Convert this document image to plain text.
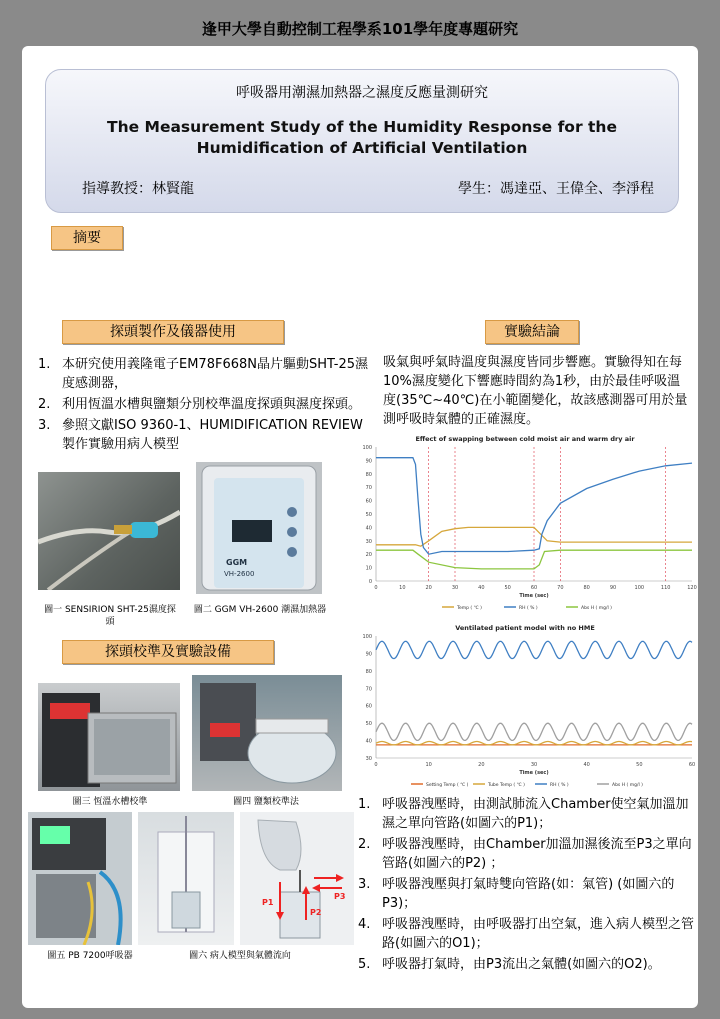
逢甲大學自動控制工程學系101學年度專題研究
呼吸器用潮濕加熱器之濕度反應量測研究
The Measurement Study of the Humidity Response for the Humidification of Artificial Ventilation
指導教授：林賢龍	學生：馮達亞、王偉全、李淨程
摘要
探頭製作及儀器使用	實驗結論
1. 本研究使用義隆電子EM78F668N晶片驅動SHT-25濕度感測器，
2. 利用恆溫水槽與鹽類分別校準溫度探頭與濕度探頭。
3. 參照文獻ISO 9360-1、HUMIDIFICATION REVIEW製作實驗用病人模型
吸氣與呼氣時溫度與濕度皆同步響應。實驗得知在每10%濕度變化下響應時間約為1秒，由於最佳呼吸溫度(35℃~40℃)在小範圍變化，故該感測器可用於量測呼吸時氣體的正確濕度。
GGM
VH-2600
圖一 SENSIRION SHT-25濕度探頭
圖二 GGM VH-2600 潮濕加熱器
探頭校準及實驗設備
圖三 恆溫水槽校準	圖四 鹽類校準法
P1
P2
P3
圖五 PB 7200呼吸器	圖六 病人模型與氣體流向
Effect of swapping between cold moist air and warm dry air
0
10
20
30
40
50
60
70
80
90
100
0	10	20	30	40	50	60	70	80	90	100	110	120
Time (sec)
Temp ( ℃ )	RH ( % )	Abs H ( mg/l )
Ventilated patient model with no HME
30
40
50
60
70
80
90
100
0	10	20	30	40	50	60
Time (sec)
Setting Temp ( ℃ )	Tube Temp ( ℃ )	RH ( % )	Abs H ( mg/l )
1. 呼吸器洩壓時，由測試肺流入Chamber使空氣加溫加濕之單向管路(如圖六的P1)；
2. 呼吸器洩壓時，由Chamber加溫加濕後流至P3之單向管路(如圖六的P2) ；
3. 呼吸器洩壓與打氣時雙向管路(如：氣管) (如圖六的P3)；
4. 呼吸器洩壓時，由呼吸器打出空氣，進入病人模型之管路(如圖六的O1)；
5. 呼吸器打氣時，由P3流出之氣體(如圖六的O2)。
